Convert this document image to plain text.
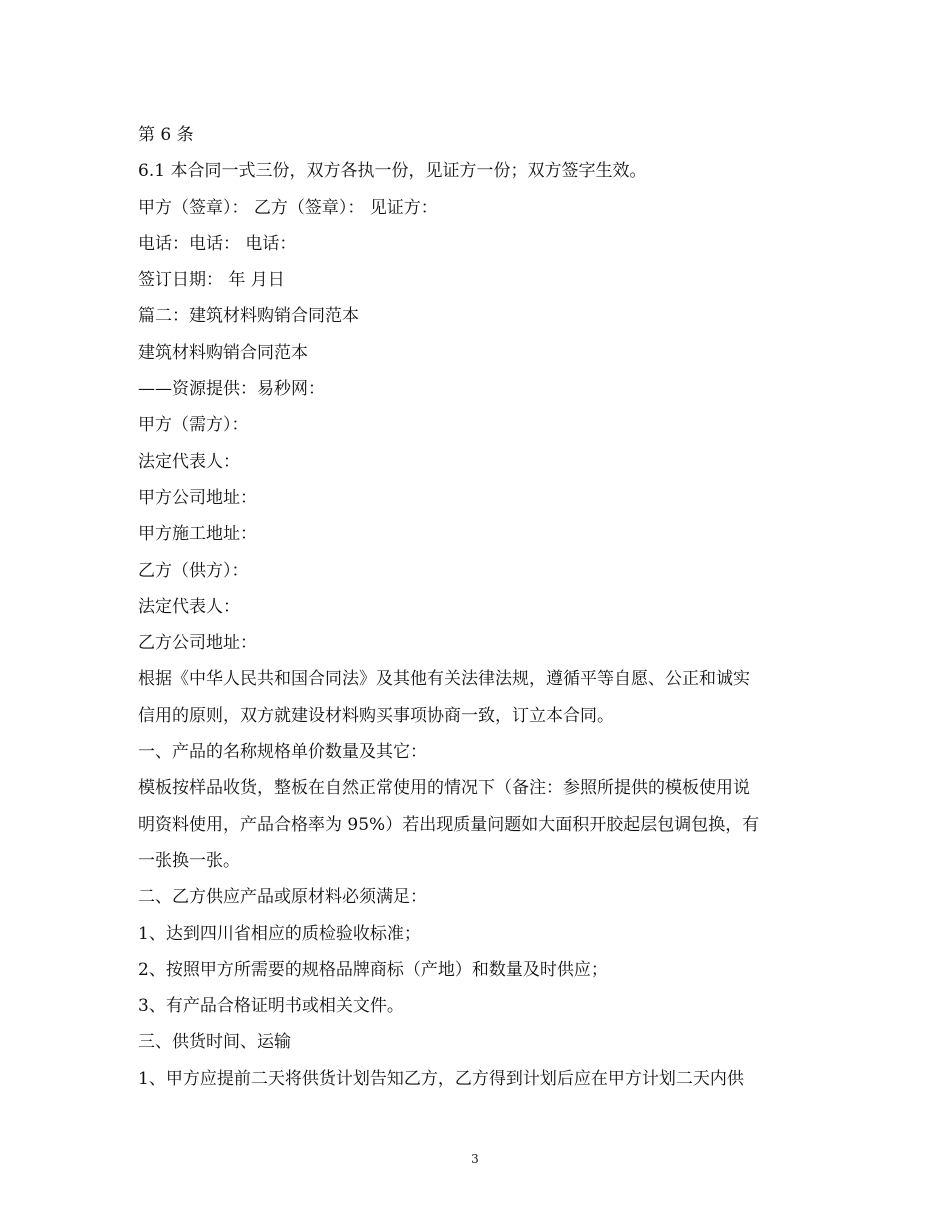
第 6 条
6.1 本合同一式三份，双方各执一份，见证方一份；双方签字生效。
甲方（签章）： 乙方（签章）： 见证方：
电话：电话： 电话：
签订日期： 年 月日
篇二：建筑材料购销合同范本
建筑材料购销合同范本
——资源提供：易秒网：
甲方（需方）：
法定代表人：
甲方公司地址：
甲方施工地址：
乙方（供方）：
法定代表人：
乙方公司地址：
根据《中华人民共和国合同法》及其他有关法律法规，遵循平等自愿、公正和诚实
信用的原则，双方就建设材料购买事项协商一致，订立本合同。
一、产品的名称规格单价数量及其它：
模板按样品收货，整板在自然正常使用的情况下（备注：参照所提供的模板使用说
明资料使用，产品合格率为 95%）若出现质量问题如大面积开胶起层包调包换，有
一张换一张。
二、乙方供应产品或原材料必须满足：
1、达到四川省相应的质检验收标准；
2、按照甲方所需要的规格品牌商标（产地）和数量及时供应；
3、有产品合格证明书或相关文件。
三、供货时间、运输
1、甲方应提前二天将供货计划告知乙方，乙方得到计划后应在甲方计划二天内供
3
